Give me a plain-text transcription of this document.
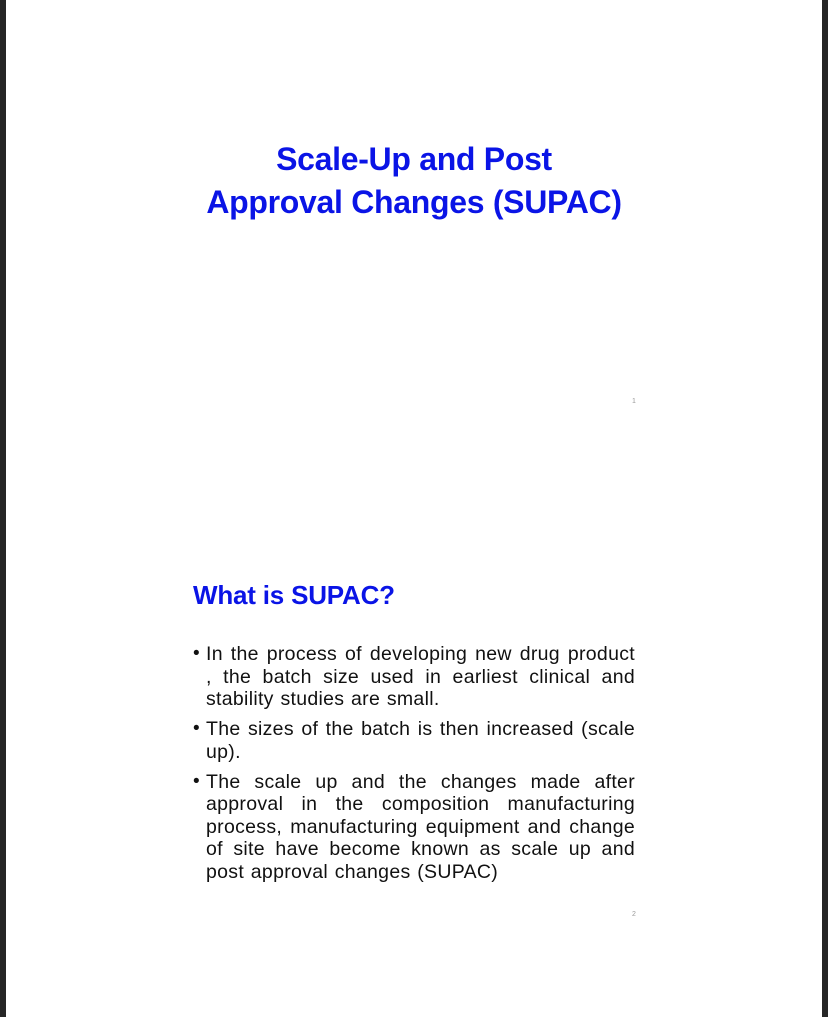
Scale-Up and Post
Approval Changes (SUPAC)
1
What is SUPAC?
• In the process of developing new drug product , the batch size used in earliest clinical and stability studies are small.
• The sizes of the batch is then increased (scale up).
• The scale up and the changes made after approval in the composition manufacturing process, manufacturing equipment and change of site have become known as scale up and post approval changes (SUPAC)
2
